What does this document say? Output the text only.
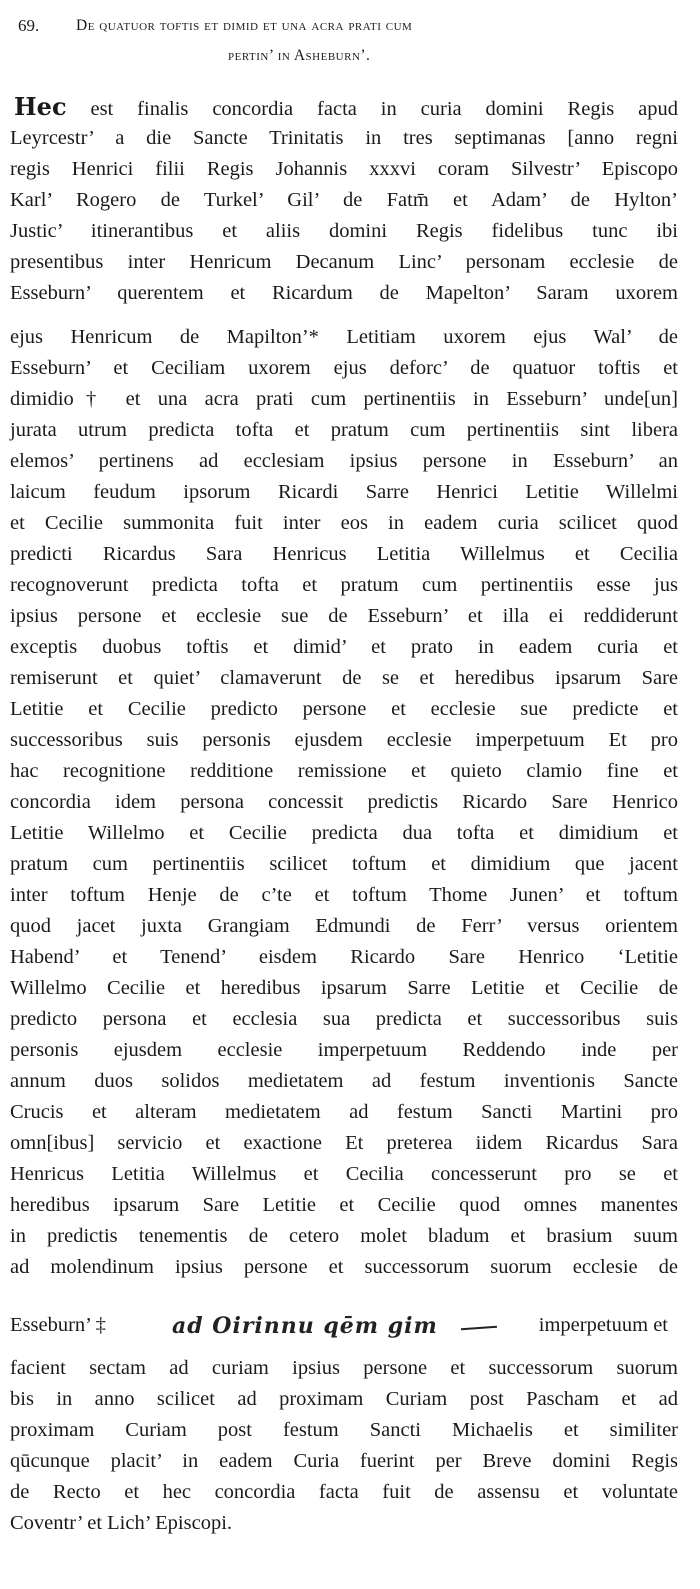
69. De quatuor toftis et dimid et una acra prati cum
pertin’ in Asheburn’.
Hec est finalis concordia facta in curia domini Regis apud
Leyrcestr’ a die Sancte Trinitatis in tres septimanas [anno regni
regis Henrici filii Regis Johannis xxxvi coram Silvestr’ Episcopo
Karl’ Rogero de Turkel’ Gil’ de Fatm̄ et Adam’ de Hylton’
Justic’ itinerantibus et aliis domini Regis fidelibus tunc ibi
presentibus inter Henricum Decanum Linc’ personam ecclesie de
Esseburn’ querentem et Ricardum de Mapelton’ Saram uxorem
ejus Henricum de Mapilton’* Letitiam uxorem ejus Wal’ de
Esseburn’ et Ceciliam uxorem ejus deforc’ de quatuor toftis et
dimidio† et una acra prati cum pertinentiis in Esseburn’ unde[un]
jurata utrum predicta tofta et pratum cum pertinentiis sint libera
elemos’ pertinens ad ecclesiam ipsius persone in Esseburn’ an
laicum feudum ipsorum Ricardi Sarre Henrici Letitie Willelmi
et Cecilie summonita fuit inter eos in eadem curia scilicet quod
predicti Ricardus Sara Henricus Letitia Willelmus et Cecilia
recognoverunt predicta tofta et pratum cum pertinentiis esse jus
ipsius persone et ecclesie sue de Esseburn’ et illa ei reddiderunt
exceptis duobus toftis et dimid’ et prato in eadem curia et
remiserunt et quiet’ clamaverunt de se et heredibus ipsarum Sare
Letitie et Cecilie predicto persone et ecclesie sue predicte et
successoribus suis personis ejusdem ecclesie imperpetuum Et pro
hac recognitione redditione remissione et quieto clamio fine et
concordia idem persona concessit predictis Ricardo Sare Henrico
Letitie Willelmo et Cecilie predicta dua tofta et dimidium et
pratum cum pertinentiis scilicet toftum et dimidium que jacent
inter toftum Henje de c’te et toftum Thome Junen’ et toftum
quod jacet juxta Grangiam Edmundi de Ferr’ versus orientem
Habend’ et Tenend’ eisdem Ricardo Sare Henrico ‘Letitie
Willelmo Cecilie et heredibus ipsarum Sarre Letitie et Cecilie de
predicto persona et ecclesia sua predicta et successoribus suis
personis ejusdem ecclesie imperpetuum Reddendo inde per
annum duos solidos medietatem ad festum inventionis Sancte
Crucis et alteram medietatem ad festum Sancti Martini pro
omn[ibus] servicio et exactione Et preterea iidem Ricardus Sara
Henricus Letitia Willelmus et Cecilia concesserunt pro se et
heredibus ipsarum Sare Letitie et Cecilie quod omnes manentes
in predictis tenementis de cetero molet bladum et brasium suum
ad molendinum ipsius persone et successorum suorum ecclesie de
Esseburn’ ‡	ad Oirinnu qēm gim	imperpetuum et
facient sectam ad curiam ipsius persone et successorum suorum
bis in anno scilicet ad proximam Curiam post Pascham et ad
proximam Curiam post festum Sancti Michaelis et similiter
qūcunque placit’ in eadem Curia fuerint per Breve domini Regis
de Recto et hec concordia facta fuit de assensu et voluntate
Coventr’ et Lich’ Episcopi.
